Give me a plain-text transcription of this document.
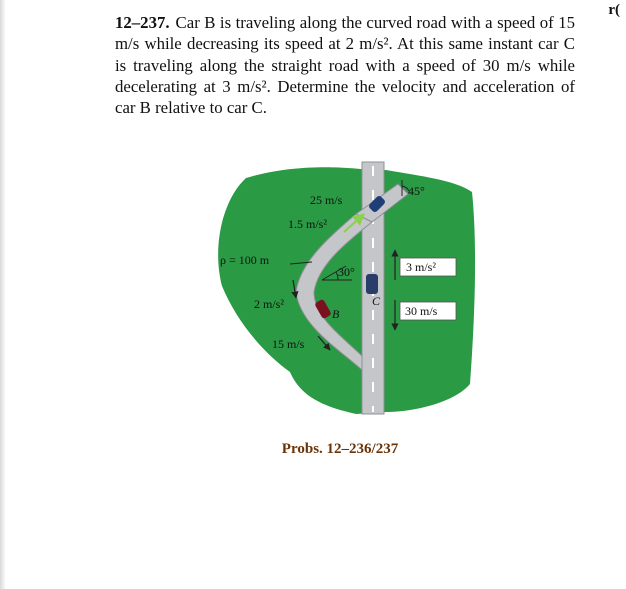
r(

12–237. Car B is traveling along the curved road with a speed of 15 m/s while decreasing its speed at 2 m/s². At this same instant car C is traveling along the straight road with a speed of 30 m/s while decelerating at 3 m/s². Determine the velocity and acceleration of car B relative to car C.

25 m/s
1.5 m/s²
45°
ρ = 100 m
30°	3 m/s²
2 m/s²
B
C
30 m/s
15 m/s
Probs. 12–236/237
